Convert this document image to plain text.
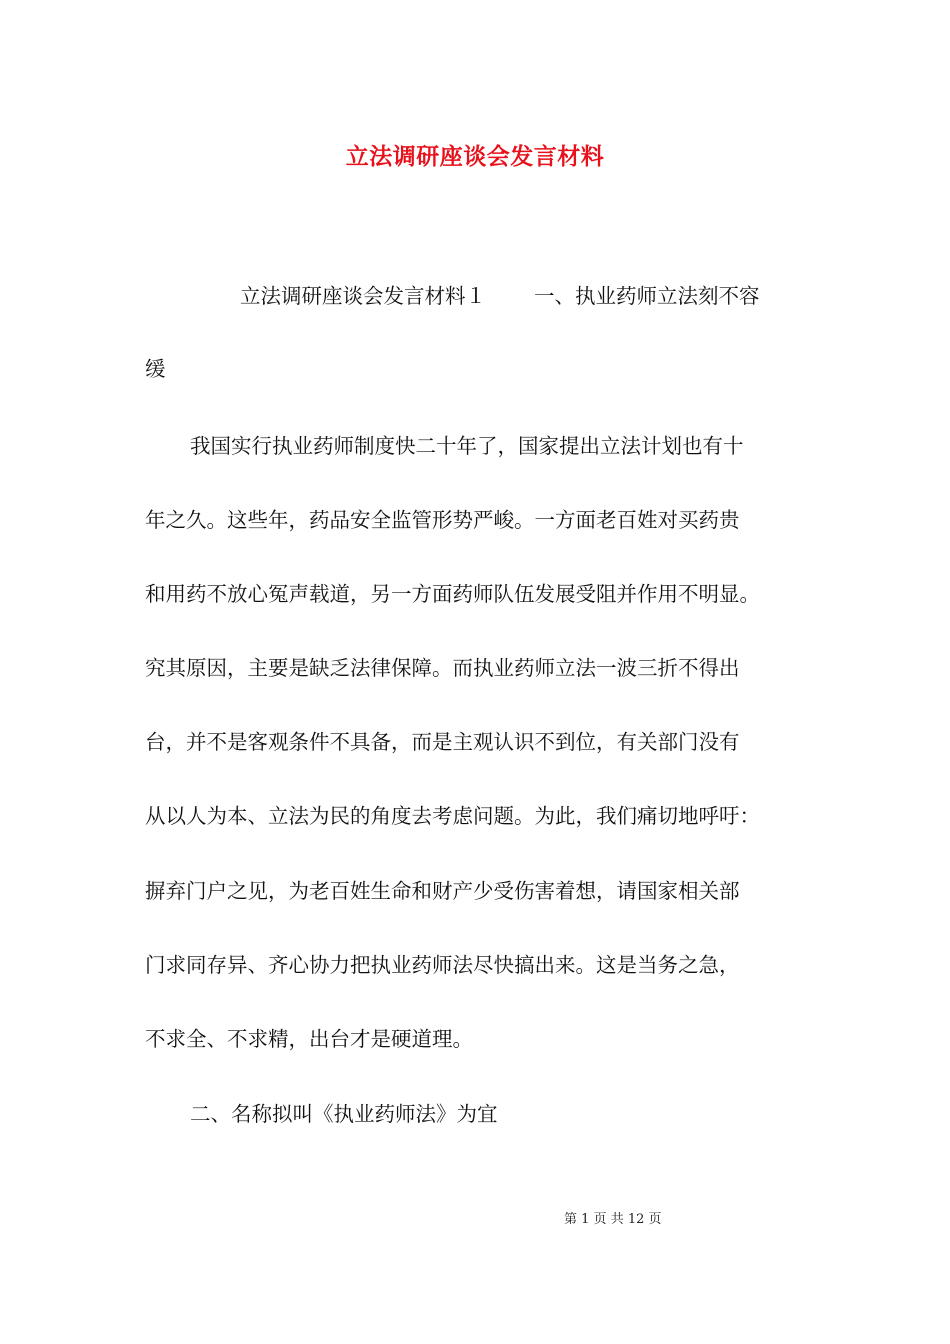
立法调研座谈会发言材料
立法调研座谈会发言材料１ 一、执业药师立法刻不容
缓
我国实行执业药师制度快二十年了，国家提出立法计划也有十
年之久。这些年，药品安全监管形势严峻。一方面老百姓对买药贵
和用药不放心冤声载道，另一方面药师队伍发展受阻并作用不明显。
究其原因，主要是缺乏法律保障。而执业药师立法一波三折不得出
台，并不是客观条件不具备，而是主观认识不到位，有关部门没有
从以人为本、立法为民的角度去考虑问题。为此，我们痛切地呼吁：
摒弃门户之见，为老百姓生命和财产少受伤害着想，请国家相关部
门求同存异、齐心协力把执业药师法尽快搞出来。这是当务之急，
不求全、不求精，出台才是硬道理。
二、名称拟叫《执业药师法》为宜
第 1 页 共 12 页
